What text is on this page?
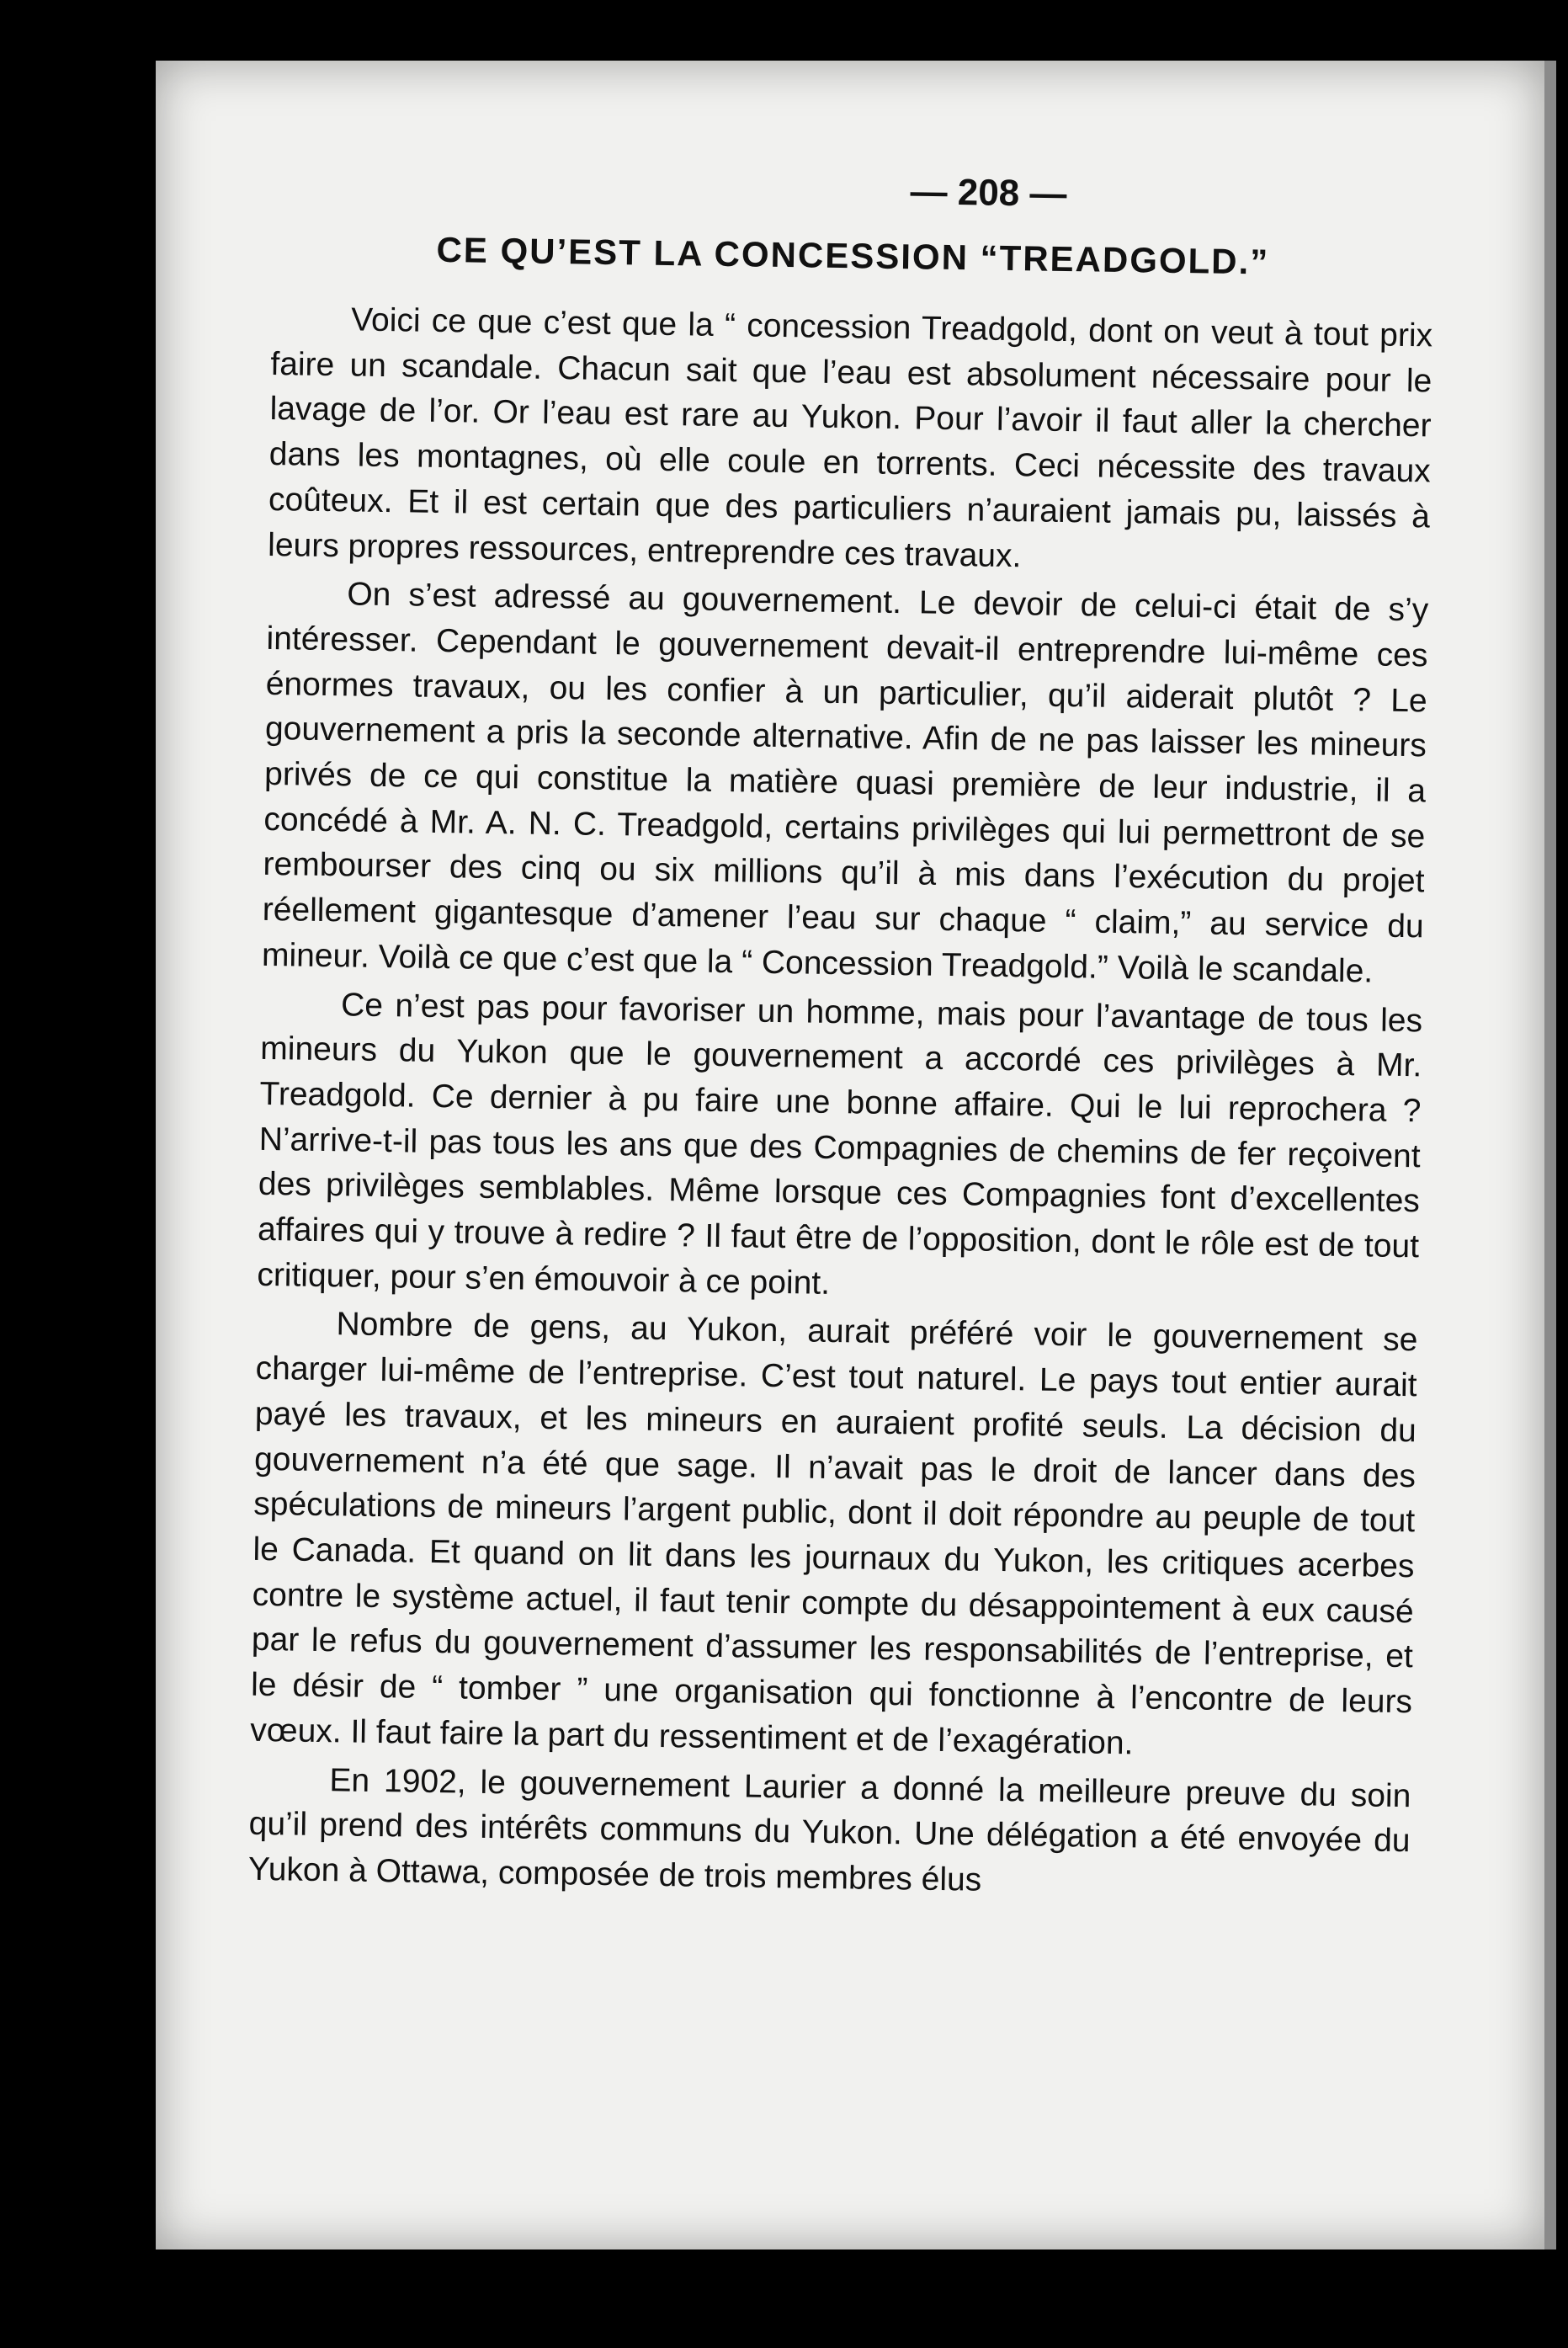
— 208 —
CE QU’EST LA CONCESSION “TREADGOLD.”

Voici ce que c’est que la “ concession Treadgold, dont on veut à tout prix faire un scandale. Chacun sait que l’eau est absolument nécessaire pour le lavage de l’or. Or l’eau est rare au Yukon. Pour l’avoir il faut aller la chercher dans les montagnes, où elle coule en torrents. Ceci nécessite des travaux coûteux. Et il est certain que des particuliers n’auraient jamais pu, laissés à leurs propres ressources, entreprendre ces travaux.

On s’est adressé au gouvernement. Le devoir de celui-ci était de s’y intéresser. Cependant le gouvernement devait-il entreprendre lui-même ces énormes travaux, ou les confier à un particulier, qu’il aiderait plutôt ? Le gouvernement a pris la seconde alternative. Afin de ne pas laisser les mineurs privés de ce qui constitue la matière quasi première de leur industrie, il a concédé à Mr. A. N. C. Treadgold, certains privilèges qui lui permettront de se rembourser des cinq ou six millions qu’il à mis dans l’exécution du projet réellement gigantesque d’amener l’eau sur chaque “ claim,” au service du mineur. Voilà ce que c’est que la “ Concession Treadgold.” Voilà le scandale.

Ce n’est pas pour favoriser un homme, mais pour l’avantage de tous les mineurs du Yukon que le gouvernement a accordé ces privilèges à Mr. Treadgold. Ce dernier à pu faire une bonne affaire. Qui le lui reprochera ? N’arrive-t-il pas tous les ans que des Compagnies de chemins de fer reçoivent des privilèges semblables. Même lorsque ces Compagnies font d’excellentes affaires qui y trouve à redire ? Il faut être de l’opposition, dont le rôle est de tout critiquer, pour s’en émouvoir à ce point.

Nombre de gens, au Yukon, aurait préféré voir le gouvernement se charger lui-même de l’entreprise. C’est tout naturel. Le pays tout entier aurait payé les travaux, et les mineurs en auraient profité seuls. La décision du gouvernement n’a été que sage. Il n’avait pas le droit de lancer dans des spéculations de mineurs l’argent public, dont il doit répondre au peuple de tout le Canada. Et quand on lit dans les journaux du Yukon, les critiques acerbes contre le système actuel, il faut tenir compte du désappointement à eux causé par le refus du gouvernement d’assumer les responsabilités de l’entreprise, et le désir de “ tomber ” une organisation qui fonctionne à l’encontre de leurs vœux. Il faut faire la part du ressentiment et de l’exagération.

En 1902, le gouvernement Laurier a donné la meilleure preuve du soin qu’il prend des intérêts communs du Yukon. Une délégation a été envoyée du Yukon à Ottawa, composée de trois membres élus
